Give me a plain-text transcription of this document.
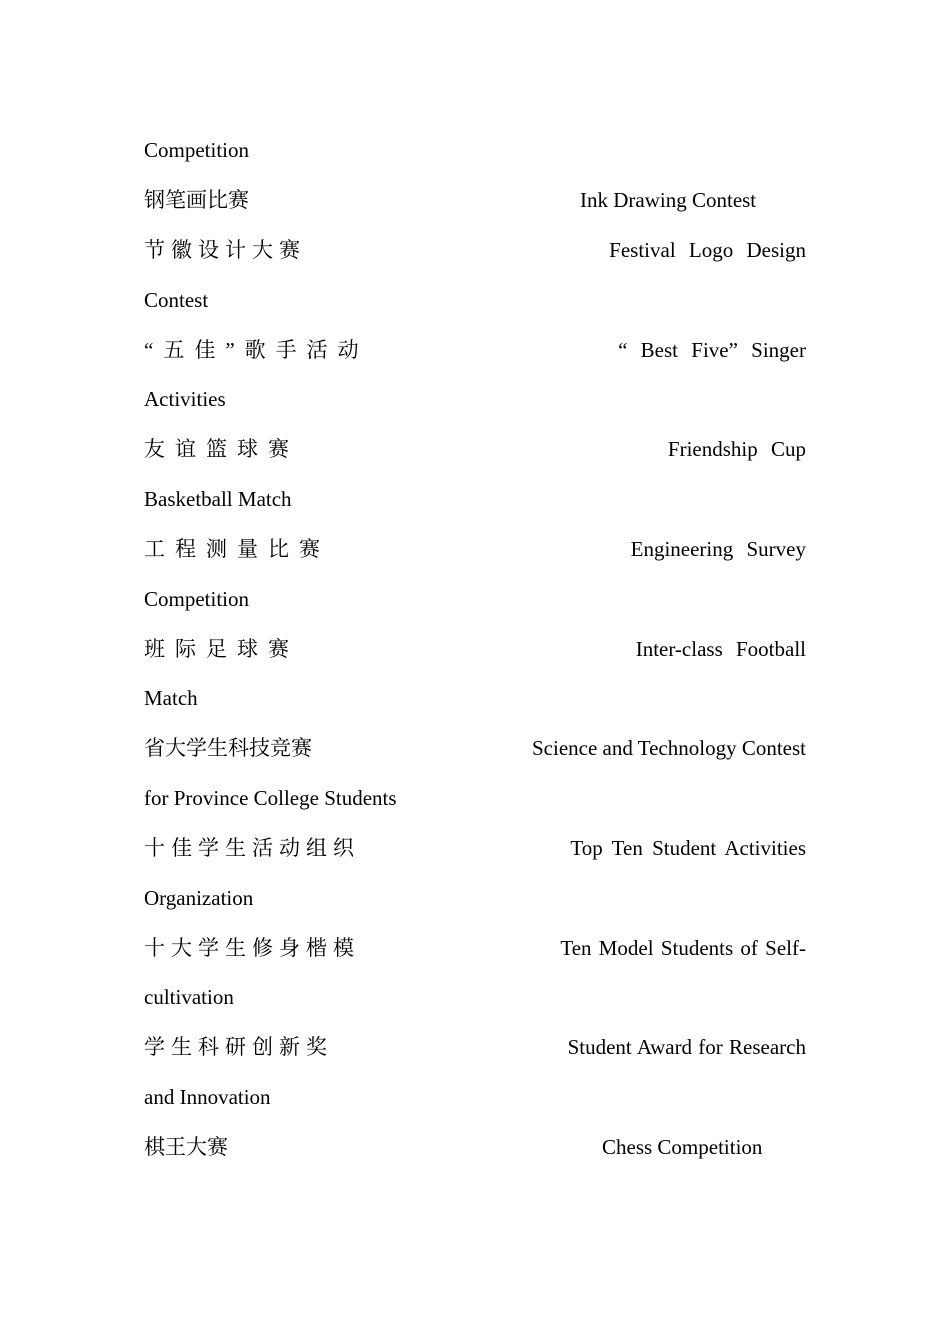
Competition

钢笔画比赛	Ink Drawing Contest

节徽设计大赛	Festival Logo Design

Contest

“五佳”歌手活动	“ Best Five” Singer

Activities

友谊篮球赛	Friendship Cup

Basketball Match

工程测量比赛	Engineering Survey

Competition

班际足球赛	Inter-class Football

Match

省大学生科技竞赛	Science and Technology Contest

for Province College Students

十佳学生活动组织	Top Ten Student Activities

Organization

十大学生修身楷模	Ten Model Students of Self-

cultivation

学生科研创新奖	Student Award for Research

and Innovation

棋王大赛	Chess Competition
